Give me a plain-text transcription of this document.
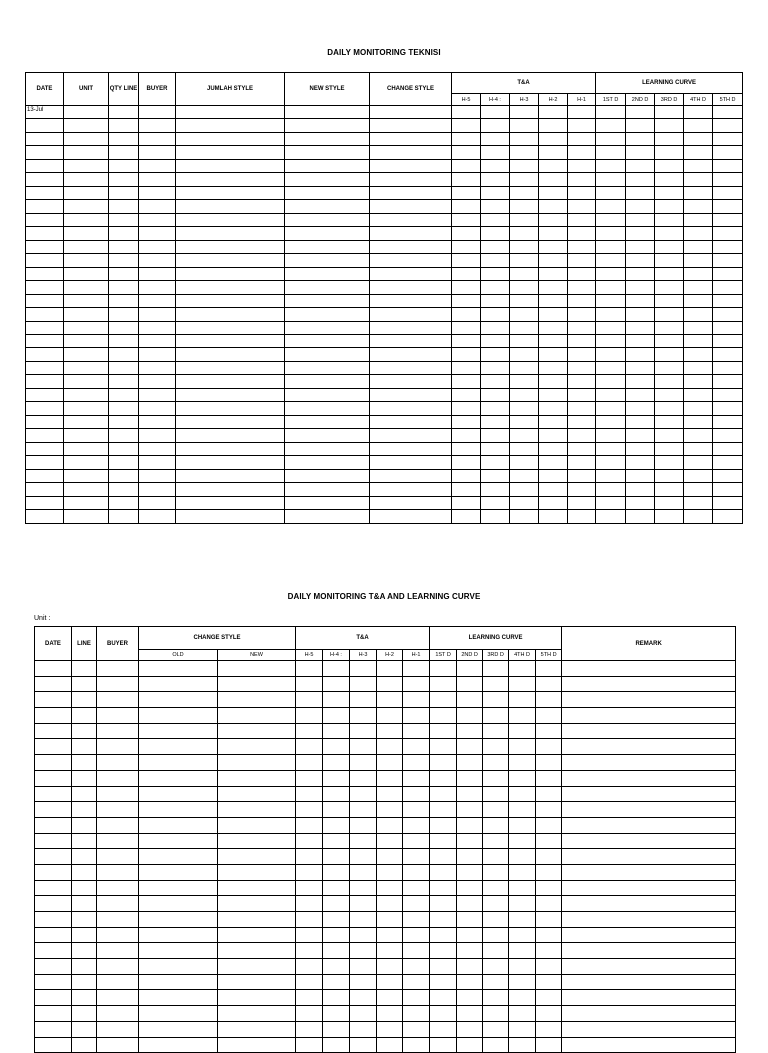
DAILY MONITORING TEKNISI
DATE	UNIT	QTY LINE	BUYER	JUMLAH STYLE	NEW STYLE	CHANGE STYLE	T&A					LEARNING CURVE				
							H-5	H-4 :	H-3	H-2	H-1	1ST D	2ND D	3RD D	4TH D	5TH D
13-Jul																

DAILY MONITORING T&A AND LEARNING CURVE
Unit :
DATE	LINE	BUYER	CHANGE STYLE		T&A					LEARNING CURVE					REMARK
			OLD	NEW	H-5	H-4 :	H-3	H-2	H-1	1ST D	2ND D	3RD D	4TH D	5TH D	
